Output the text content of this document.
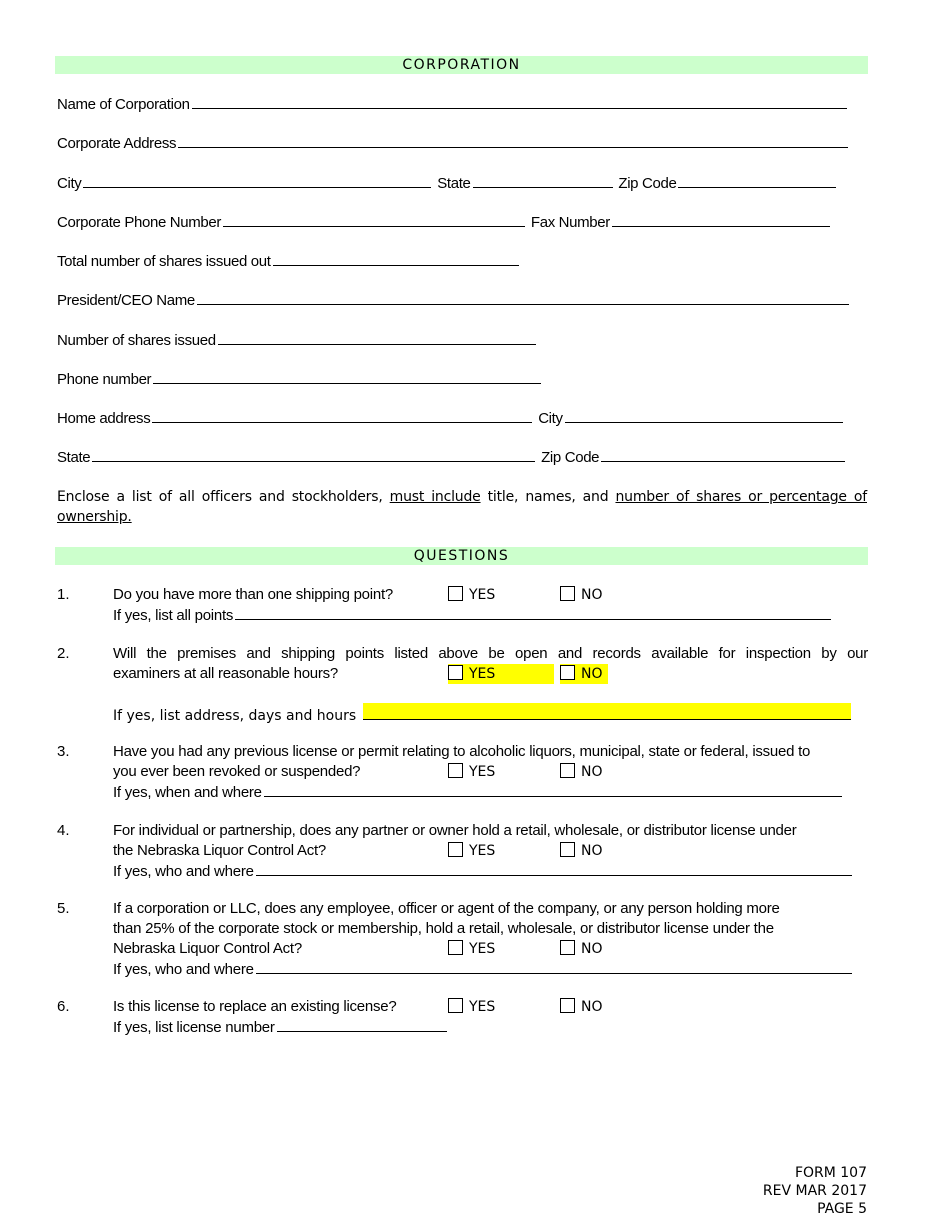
CORPORATION
Name of Corporation
Corporate Address
City	State	Zip Code
Corporate Phone Number	Fax Number
Total number of shares issued out
President/CEO Name
Number of shares issued
Phone number
Home address	City
State	Zip Code
Enclose a list of all officers and stockholders, must include title, names, and number of shares or percentage of ownership.
QUESTIONS
1.	Do you have more than one shipping point?
If yes, list all points
YES	NO
2.	Will the premises and shipping points listed above be open and records available for inspection by our
examiners at all reasonable hours?	YES	NO
If yes, list address, days and hours
3.	Have you had any previous license or permit relating to alcoholic liquors, municipal, state or federal, issued to
you ever been revoked or suspended?
If yes, when and where
YES	NO
4.	For individual or partnership, does any partner or owner hold a retail, wholesale, or distributor license under
the Nebraska Liquor Control Act?
If yes, who and where
YES	NO
5.	If a corporation or LLC, does any employee, officer or agent of the company, or any person holding more
than 25% of the corporate stock or membership, hold a retail, wholesale, or distributor license under the
Nebraska Liquor Control Act?
If yes, who and where
YES	NO
6.	Is this license to replace an existing license?
If yes, list license number
YES	NO
FORM 107
REV MAR 2017
PAGE 5
